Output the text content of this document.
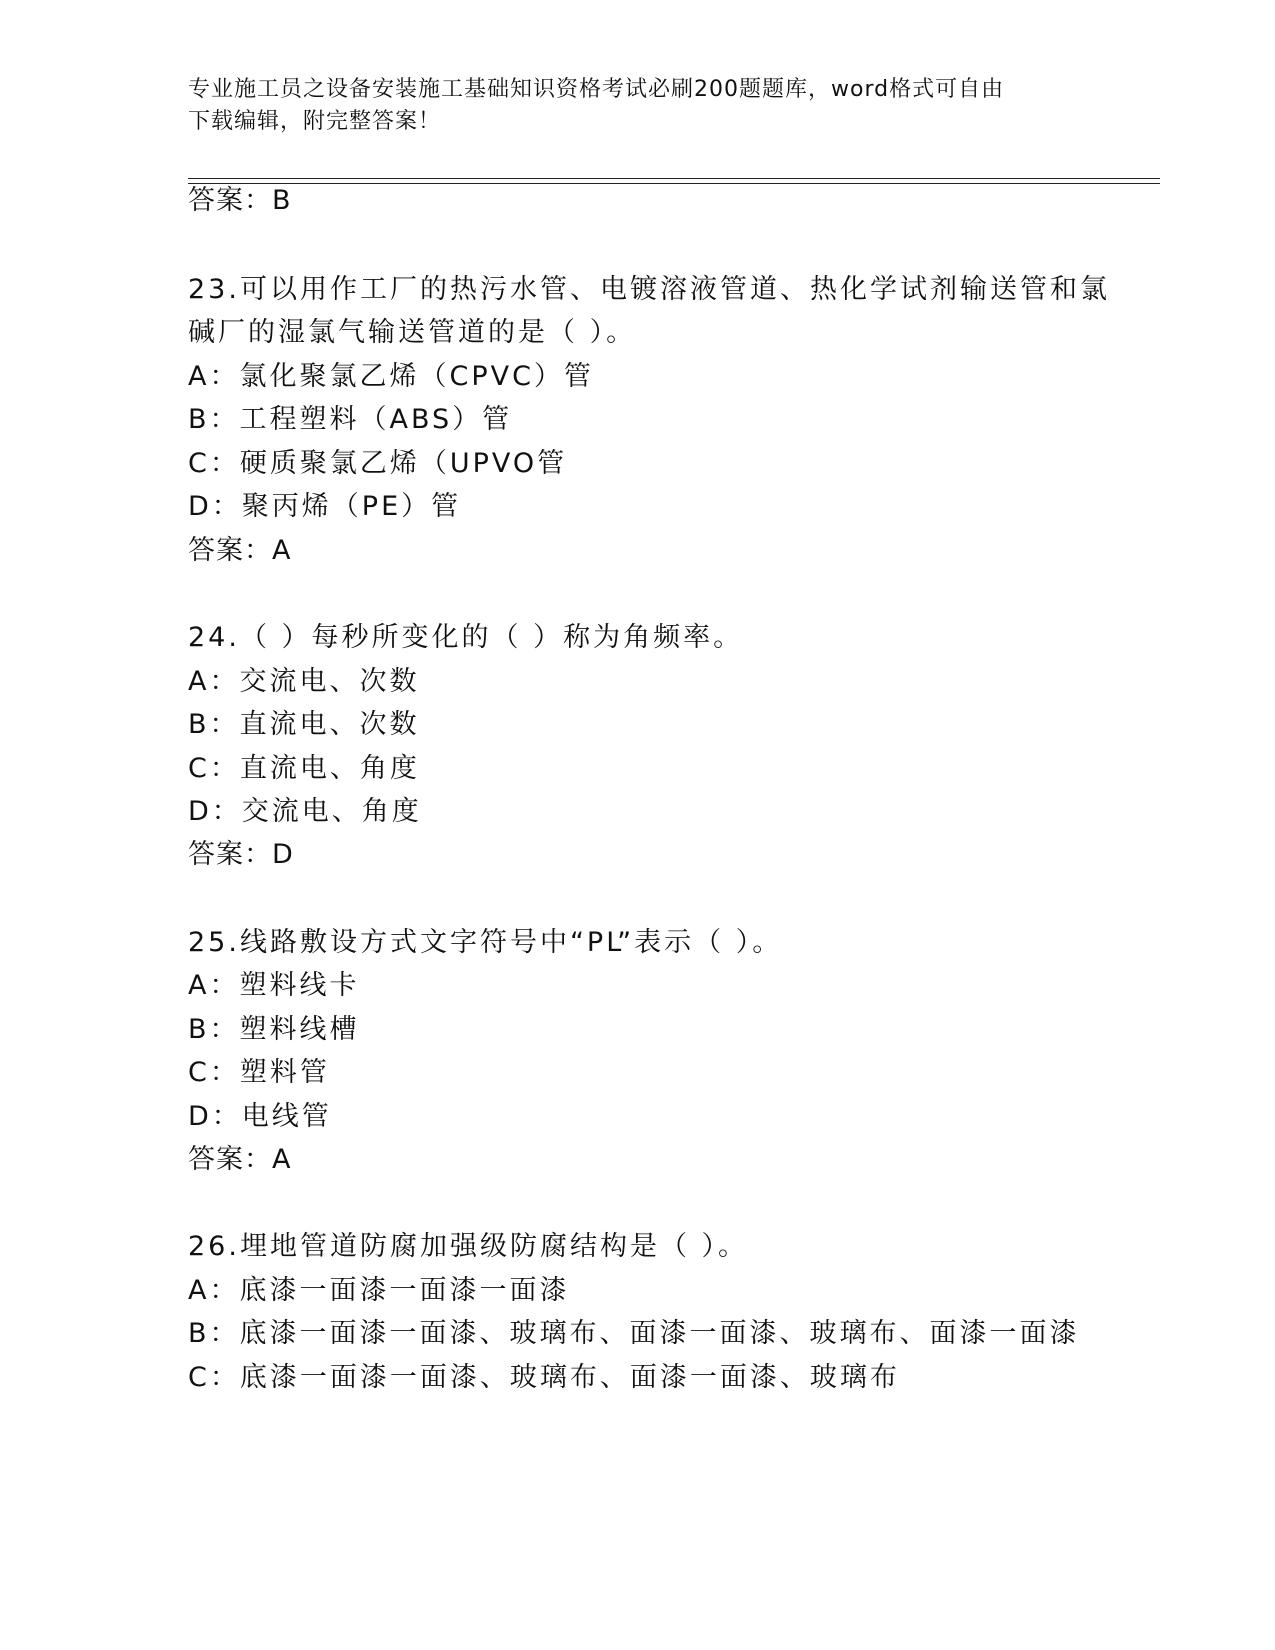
专业施工员之设备安装施工基础知识资格考试必刷200题题库，word格式可自由
下载编辑，附完整答案！
答案：B
23.可以用作工厂的热污水管、电镀溶液管道、热化学试剂输送管和氯
碱厂的湿氯气输送管道的是（ ）。
A：氯化聚氯乙烯（CPVC）管
B：工程塑料（ABS）管
C：硬质聚氯乙烯（UPVO管
D：聚丙烯（PE）管
答案：A
24.（ ）每秒所变化的（ ）称为角频率。
A：交流电、次数
B：直流电、次数
C：直流电、角度
D：交流电、角度
答案：D
25.线路敷设方式文字符号中“PL”表示（ ）。
A：塑料线卡
B：塑料线槽
C：塑料管
D：电线管
答案：A
26.埋地管道防腐加强级防腐结构是（ ）。
A：底漆一面漆一面漆一面漆
B：底漆一面漆一面漆、玻璃布、面漆一面漆、玻璃布、面漆一面漆
C：底漆一面漆一面漆、玻璃布、面漆一面漆、玻璃布
